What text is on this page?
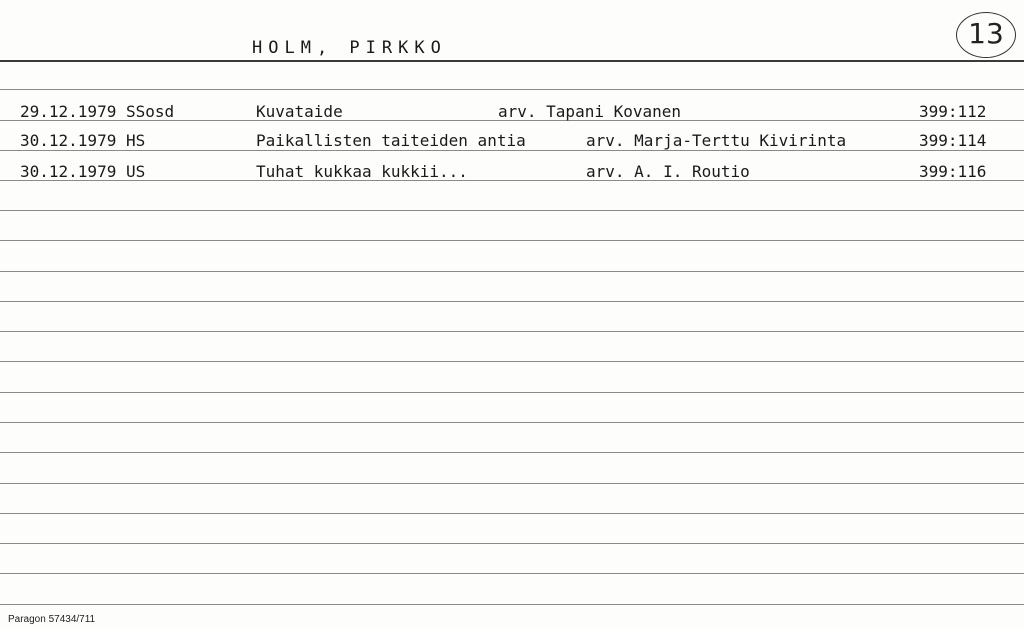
HOLM, PIRKKO	13
29.12.1979 SSosd	Kuvataide	arv. Tapani Kovanen	399:112
30.12.1979 HS	Paikallisten taiteiden antia	arv. Marja-Terttu Kivirinta	399:114
30.12.1979 US	Tuhat kukkaa kukkii...	arv. A. I. Routio	399:116
Paragon 57434/711
